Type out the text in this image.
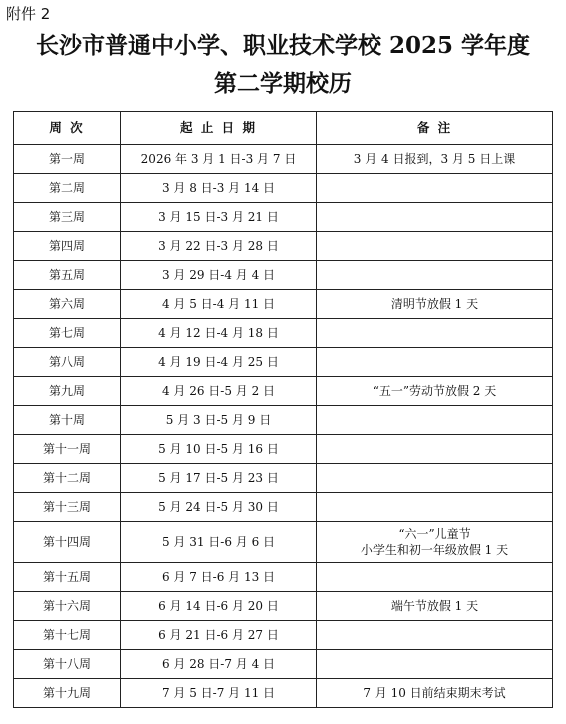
附件 2
长沙市普通中小学、职业技术学校 2025 学年度
第二学期校历
周 次	起 止 日 期	备 注
第一周	2026 年 3 月 1 日-3 月 7 日	3 月 4 日报到，3 月 5 日上课

第二周	3 月 8 日-3 月 14 日	
第三周	3 月 15 日-3 月 21 日	
第四周	3 月 22 日-3 月 28 日	
第五周	3 月 29 日-4 月 4 日	
第六周	4 月 5 日-4 月 11 日	清明节放假 1 天

第七周	4 月 12 日-4 月 18 日	
第八周	4 月 19 日-4 月 25 日	
第九周	4 月 26 日-5 月 2 日	“五一”劳动节放假 2 天

第十周	5 月 3 日-5 月 9 日	
第十一周	5 月 10 日-5 月 16 日	
第十二周	5 月 17 日-5 月 23 日	
第十三周	5 月 24 日-5 月 30 日	
第十四周	5 月 31 日-6 月 6 日	“六一”儿童节
小学生和初一年级放假 1 天

第十五周	6 月 7 日-6 月 13 日	
第十六周	6 月 14 日-6 月 20 日	端午节放假 1 天

第十七周	6 月 21 日-6 月 27 日	
第十八周	6 月 28 日-7 月 4 日	
第十九周	7 月 5 日-7 月 11 日	7 月 10 日前结束期末考试
